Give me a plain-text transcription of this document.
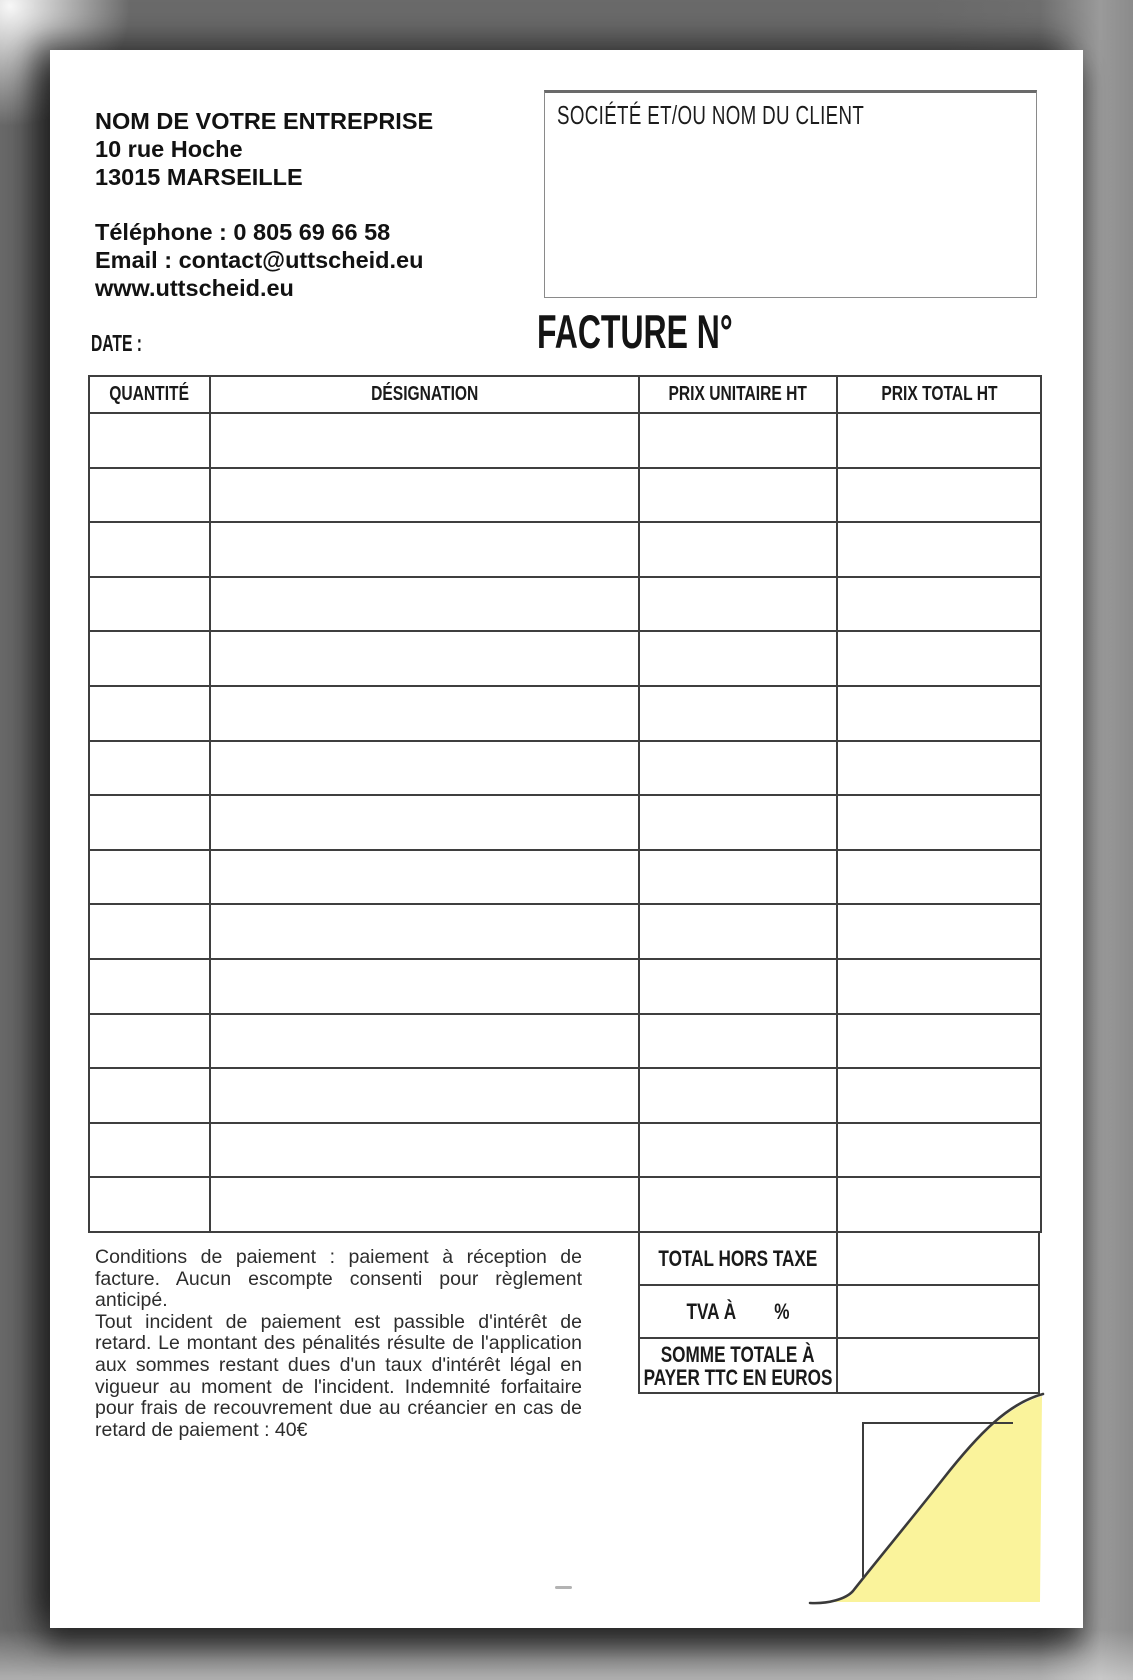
NOM DE VOTRE ENTREPRISE
10 rue Hoche
13015 MARSEILLE
Téléphone : 0 805 69 66 58
Email : contact@uttscheid.eu
www.uttscheid.eu
SOCIÉTÉ ET/OU NOM DU CLIENT
DATE :	FACTURE N°
QUANTITÉ	DÉSIGNATION	PRIX UNITAIRE HT	PRIX TOTAL HT

TOTAL HORS TAXE
TVA À        %
SOMME TOTALE À
PAYER TTC EN EUROS

Conditions de paiement : paiement à réception de facture. Aucun escompte consenti pour règlement anticipé.

Tout incident de paiement est passible d'intérêt de retard. Le montant des pénalités résulte de l'application aux sommes restant dues d'un taux d'intérêt légal en vigueur au moment de l'incident. Indemnité forfaitaire pour frais de recouvrement due au créancier en cas de retard de paiement : 40€
